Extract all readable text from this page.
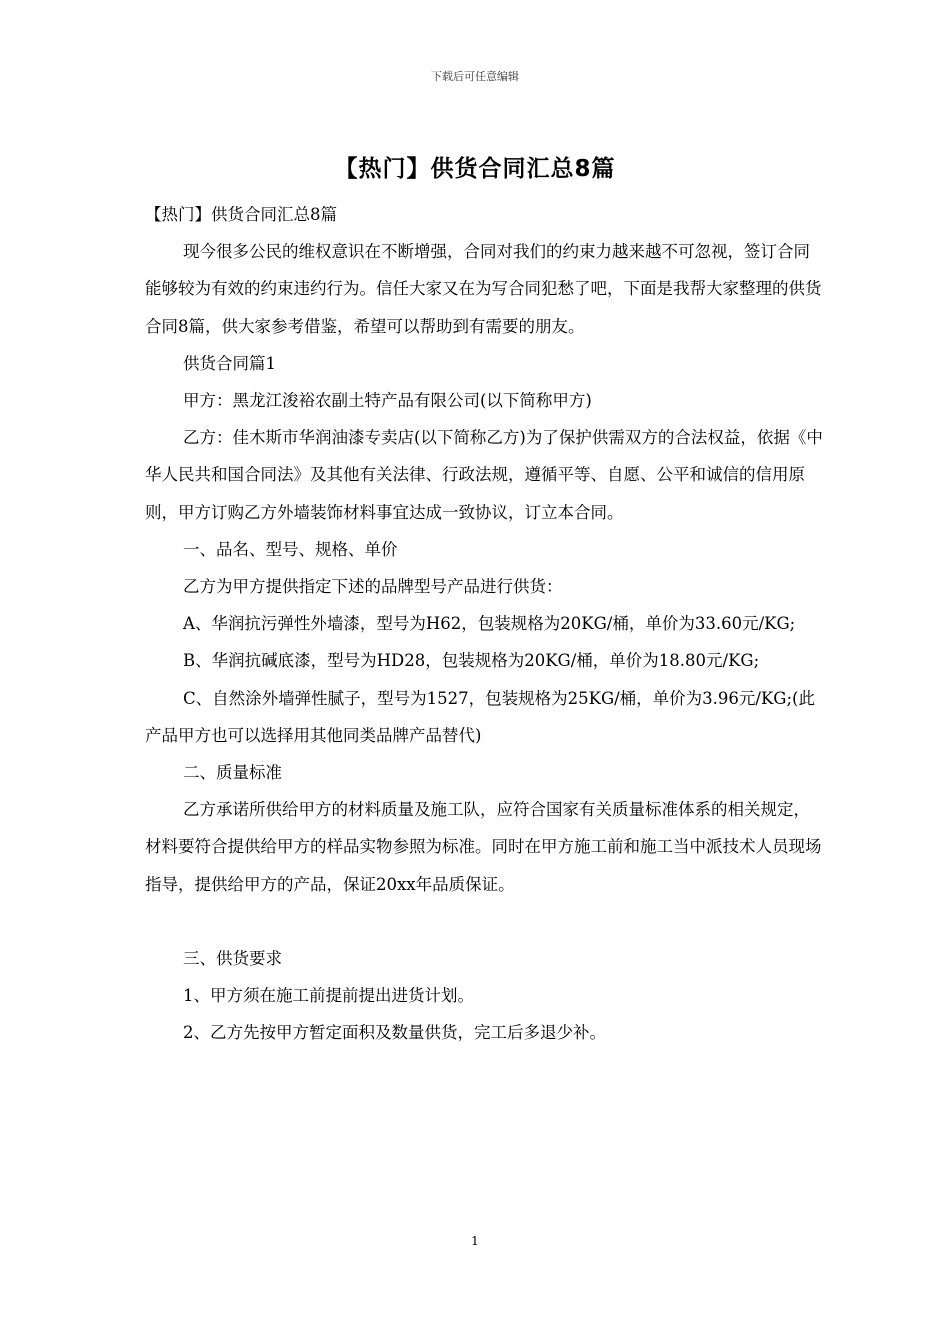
下载后可任意编辑
【热门】供货合同汇总8篇

【热门】供货合同汇总8篇

现今很多公民的维权意识在不断增强，合同对我们的约束力越来越不可忽视，签订合同能够较为有效的约束违约行为。信任大家又在为写合同犯愁了吧，下面是我帮大家整理的供货合同8篇，供大家参考借鉴，希望可以帮助到有需要的朋友。

供货合同篇1

甲方：黑龙江浚裕农副土特产品有限公司(以下简称甲方)

乙方：佳木斯市华润油漆专卖店(以下简称乙方)为了保护供需双方的合法权益，依据《中华人民共和国合同法》及其他有关法律、行政法规，遵循平等、自愿、公平和诚信的信用原则，甲方订购乙方外墙装饰材料事宜达成一致协议，订立本合同。

一、品名、型号、规格、单价

乙方为甲方提供指定下述的品牌型号产品进行供货：

A、华润抗污弹性外墙漆，型号为H62，包装规格为20KG/桶，单价为33.60元/KG;

B、华润抗碱底漆，型号为HD28，包装规格为20KG/桶，单价为18.80元/KG;

C、自然涂外墙弹性腻子，型号为1527，包装规格为25KG/桶，单价为3.96元/KG;(此产品甲方也可以选择用其他同类品牌产品替代)

二、质量标准

乙方承诺所供给甲方的材料质量及施工队，应符合国家有关质量标准体系的相关规定，材料要符合提供给甲方的样品实物参照为标准。同时在甲方施工前和施工当中派技术人员现场指导，提供给甲方的产品，保证20xx年品质保证。

三、供货要求

1、甲方须在施工前提前提出进货计划。

2、乙方先按甲方暂定面积及数量供货，完工后多退少补。

1
